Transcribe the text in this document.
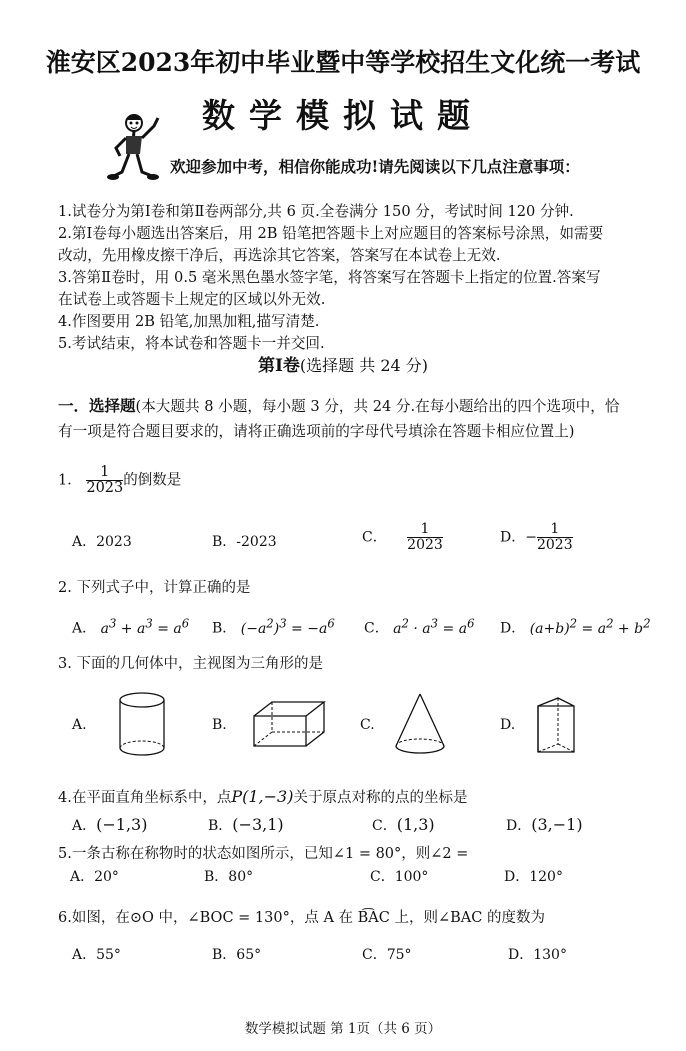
淮安区2023年初中毕业暨中等学校招生文化统一考试
数学模拟试题
欢迎参加中考，相信你能成功!请先阅读以下几点注意事项：
1.试卷分为第Ⅰ卷和第Ⅱ卷两部分,共 6 页.全卷满分 150 分，考试时间 120 分钟.
2.第Ⅰ卷每小题选出答案后，用 2B 铅笔把答题卡上对应题目的答案标号涂黑，如需要
改动，先用橡皮擦干净后，再选涂其它答案，答案写在本试卷上无效.
3.答第Ⅱ卷时，用 0.5 毫米黑色墨水签字笔，将答案写在答题卡上指定的位置.答案写
在试卷上或答题卡上规定的区域以外无效.
4.作图要用 2B 铅笔,加黑加粗,描写清楚.
5.考试结束，将本试卷和答题卡一并交回.
第Ⅰ卷(选择题 共 24 分)
一．选择题(本大题共 8 小题，每小题 3 分，共 24 分.在每小题给出的四个选项中，恰
有一项是符合题目要求的，请将正确选项前的字母代号填涂在答题卡相应位置上)
1． $\frac{1}{2023}$ 的倒数是
A．2023	B．-2023	C． $\frac{1}{2023}$	D．− $\frac{1}{2023}$
2. 下列式子中，计算正确的是
A． $a^3 + a^3 = a^6$ B． $(-a^2)^3 = -a^6$ C． $a^2 \cdot a^3 = a^6$ D． $(a+b)^2 = a^2 + b^2$
3. 下面的几何体中，主视图为三角形的是
A.	B.	C.	D.
4.在平面直角坐标系中，点P(1,−3)关于原点对称的点的坐标是
A．(−1,3)	B．(−3,1)	C．(1,3)	D．(3,−1)
5.一条古称在称物时的状态如图所示，已知∠1 = 80°，则∠2 =
A．20°	B．80°	C．100°	D．120°
6.如图，在⊙O 中，∠BOC = 130°，点 A 在 B͡AC 上，则∠BAC 的度数为
A．55°	B．65°	C．75°	D．130°
数学模拟试题 第 1页（共 6 页）
